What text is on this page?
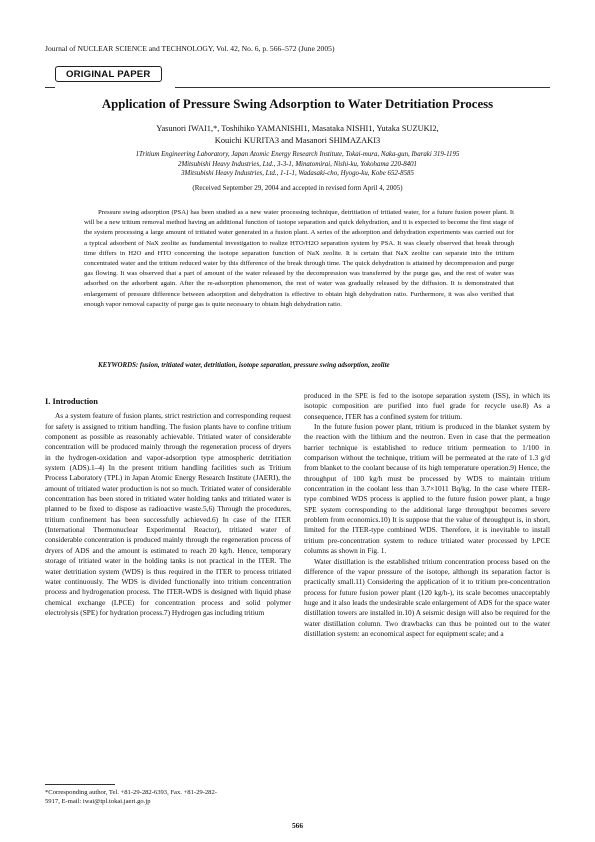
Journal of NUCLEAR SCIENCE and TECHNOLOGY, Vol. 42, No. 6, p. 566–572 (June 2005)
ORIGINAL PAPER
Application of Pressure Swing Adsorption to Water Detritiation Process
Yasunori IWAI1,*, Toshihiko YAMANISHI1, Masataka NISHI1, Yutaka SUZUKI2,
Kouichi KURITA3 and Masanori SHIMAZAKI3
1Tritium Engineering Laboratory, Japan Atomic Energy Research Institute, Tokai-mura, Naka-gun, Ibaraki 319-1195
2Mitsubishi Heavy Industries, Ltd., 3-3-1, Minatomirai, Nishi-ku, Yokohama 220-8401
3Mitsubishi Heavy Industries, Ltd., 1-1-1, Wadasaki-cho, Hyogo-ku, Kobe 652-8585
(Received September 29, 2004 and accepted in revised form April 4, 2005)
Pressure swing adsorption (PSA) has been studied as a new water processing technique, detritiation of tritiated water, for a future fusion power plant. It will be a new tritium removal method having an additional function of isotope separation and quick dehydration, and it is expected to become the first stage of the system processing a large amount of tritiated water generated in a fusion plant. A series of the adsorption and dehydration experiments was carried out for a typical adsorbent of NaX zeolite as fundamental investigation to realize HTO/H2O separation system by PSA. It was clearly observed that break through time differs in H2O and HTO concerning the isotope separation function of NaX zeolite. It is certain that NaX zeolite can separate into the tritium concentrated water and the tritium reduced water by this difference of the break through time. The quick dehydration is attained by decompression and purge gas flowing. It was observed that a part of amount of the water released by the decompression was transferred by the purge gas, and the rest of water was adsorbed on the adsorbent again. After the re-adsorption phenomenon, the rest of water was gradually released by the diffusion. It is demonstrated that enlargement of pressure difference between adsorption and dehydration is effective to obtain high dehydration ratio. Furthermore, it was also verified that enough vapor removal capacity of purge gas is quite necessary to obtain high dehydration ratio.
KEYWORDS: fusion, tritiated water, detritiation, isotope separation, pressure swing adsorption, zeolite
I. Introduction

As a system feature of fusion plants, strict restriction and corresponding request for safety is assigned to tritium handling. The fusion plants have to confine tritium component as possible as reasonably achievable. Tritiated water of considerable concentration will be produced mainly through the regeneration process of dryers in the hydrogen-oxidation and vapor-adsorption type atmospheric detritiation system (ADS).1–4) In the present tritium handling facilities such as Tritium Process Laboratory (TPL) in Japan Atomic Energy Research Institute (JAERI), the amount of tritiated water production is not so much. Tritiated water of considerable concentration has been stored in tritiated water holding tanks and tritiated water is planned to be fixed to dispose as radioactive waste.5,6) Through the procedures, tritium confinement has been successfully achieved.6) In case of the ITER (International Thermonuclear Experimental Reactor), tritiated water of considerable concentration is produced mainly through the regeneration process of dryers of ADS and the amount is estimated to reach 20 kg/h. Hence, temporary storage of tritiated water in the holding tanks is not practical in the ITER. The water detritiation system (WDS) is thus required in the ITER to process tritiated water continuously. The WDS is divided functionally into tritium concentration process and hydrogenation process. The ITER-WDS is designed with liquid phase chemical exchange (LPCE) for concentration process and solid polymer electrolysis (SPE) for hydration process.7) Hydrogen gas including tritium

produced in the SPE is fed to the isotope separation system (ISS), in which its isotopic composition are purified into fuel grade for recycle use.8) As a consequence, ITER has a confined system for tritium.

In the future fusion power plant, tritium is produced in the blanket system by the reaction with the lithium and the neutron. Even in case that the permeation barrier technique is established to reduce tritium permeation to 1/100 in comparison without the technique, tritium will be permeated at the rate of 1.3 g/d from blanket to the coolant because of its high temperature operation.9) Hence, the throughput of 100 kg/h must be processed by WDS to maintain tritium concentration in the coolant less than 3.7×1011 Bq/kg. In the case where ITER-type combined WDS process is applied to the future fusion power plant, a huge SPE system corresponding to the additional large throughput becomes severe problem from economics.10) It is suppose that the value of throughput is, in short, limited for the ITER-type combined WDS. Therefore, it is inevitable to install tritium pre-concentration system to reduce tritiated water processed by LPCE columns as shown in Fig. 1.

Water distillation is the established tritium concentration process based on the difference of the vapor pressure of the isotope, although its separation factor is practically small.11) Considering the application of it to tritium pre-concentration process for future fusion power plant (120 kg/h-), its scale becomes unacceptably huge and it also leads the undesirable scale enlargement of ADS for the space water distillation towers are installed in.10) A seismic design will also be required for the water distillation column. Two drawbacks can thus be pointed out to the water distillation system: an economical aspect for equipment scale; and a

*Corresponding author, Tel. +81-29-282-6393, Fax. +81-29-282-
5917, E-mail: iwai@tpl.tokai.jaeri.go.jp
566
